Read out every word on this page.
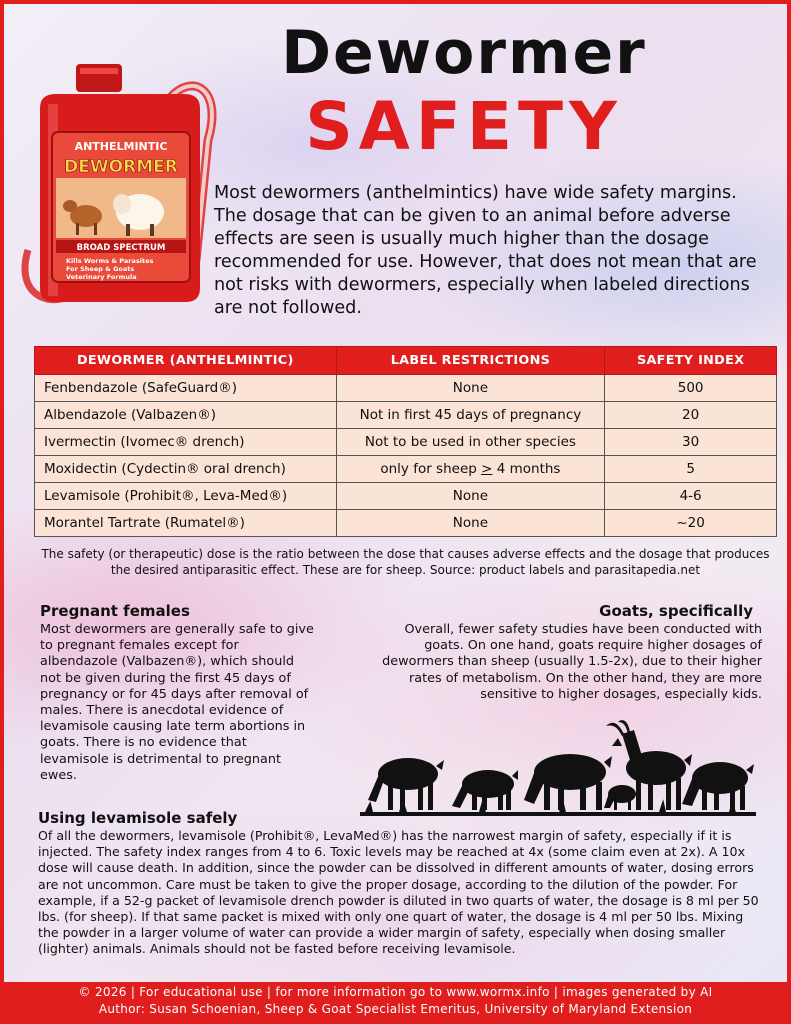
Dewormer
SAFETY
ANTHELMINTIC
DEWORMER
BROAD SPECTRUM
Kills Worms & Parasites
For Sheep & Goats
Veterinary Formula
Most dewormers (anthelmintics) have wide safety margins. The dosage that can be given to an animal before adverse effects are seen is usually much higher than the dosage recommended for use. However, that does not mean that are not risks with dewormers, especially when labeled directions are not followed.
DEWORMER (ANTHELMINTIC)	LABEL RESTRICTIONS	SAFETY INDEX
Fenbendazole (SafeGuard®)	None	500
Albendazole (Valbazen®)	Not in first 45 days of pregnancy	20
Ivermectin (Ivomec® drench)	Not to be used in other species	30
Moxidectin (Cydectin® oral drench)	only for sheep ≥ 4 months	5
Levamisole (Prohibit®, Leva-Med®)	None	4-6
Morantel Tartrate (Rumatel®)	None	~20
The safety (or therapeutic) dose is the ratio between the dose that causes adverse effects and the dosage that produces the desired antiparasitic effect. These are for sheep. Source: product labels and parasitapedia.net
Pregnant females
Most dewormers are generally safe to give to pregnant females except for albendazole (Valbazen®), which should not be given during the first 45 days of pregnancy or for 45 days after removal of males. There is anecdotal evidence of levamisole causing late term abortions in goats. There is no evidence that levamisole is detrimental to pregnant ewes.
Goats, specifically
Overall, fewer safety studies have been conducted with goats. On one hand, goats require higher dosages of dewormers than sheep (usually 1.5-2x), due to their higher rates of metabolism. On the other hand, they are more sensitive to higher dosages, especially kids.
Using levamisole safely
Of all the dewormers, levamisole (Prohibit®, LevaMed®) has the narrowest margin of safety, especially if it is injected. The safety index ranges from 4 to 6. Toxic levels may be reached at 4x (some claim even at 2x). A 10x dose will cause death. In addition, since the powder can be dissolved in different amounts of water, dosing errors are not uncommon. Care must be taken to give the proper dosage, according to the dilution of the powder. For example, if a 52-g packet of levamisole drench powder is diluted in two quarts of water, the dosage is 8 ml per 50 lbs. (for sheep). If that same packet is mixed with only one quart of water, the dosage is 4 ml per 50 lbs. Mixing the powder in a larger volume of water can provide a wider margin of safety, especially when dosing smaller (lighter) animals. Animals should not be fasted before receiving levamisole.
© 2026 | For educational use | for more information go to www.wormx.info | images generated by AI
Author: Susan Schoenian, Sheep & Goat Specialist Emeritus, University of Maryland Extension
